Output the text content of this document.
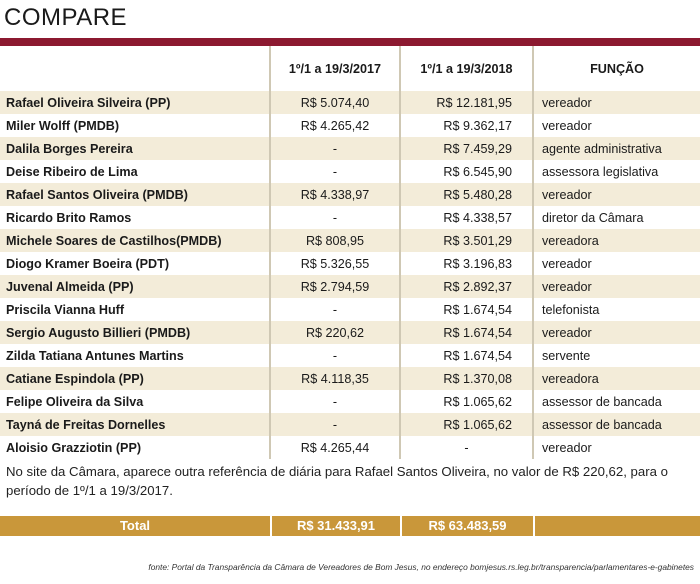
COMPARE
	1º/1 a 19/3/2017	1º/1 a 19/3/2018	FUNÇÃO
Rafael Oliveira Silveira (PP)	R$ 5.074,40	R$ 12.181,95	vereador
Miler Wolff (PMDB)	R$ 4.265,42	R$ 9.362,17	vereador
Dalila Borges Pereira	-	R$ 7.459,29	agente administrativa
Deise Ribeiro de Lima	-	R$ 6.545,90	assessora legislativa
Rafael Santos Oliveira (PMDB)	R$ 4.338,97	R$ 5.480,28	vereador
Ricardo Brito Ramos	-	R$ 4.338,57	diretor da Câmara
Michele Soares de Castilhos(PMDB)	R$ 808,95	R$ 3.501,29	vereadora
Diogo Kramer Boeira (PDT)	R$ 5.326,55	R$ 3.196,83	vereador
Juvenal Almeida (PP)	R$ 2.794,59	R$ 2.892,37	vereador
Priscila Vianna Huff	-	R$ 1.674,54	telefonista
Sergio Augusto Billieri (PMDB)	R$ 220,62	R$ 1.674,54	vereador
Zilda Tatiana Antunes Martins	-	R$ 1.674,54	servente
Catiane Espindola (PP)	R$ 4.118,35	R$ 1.370,08	vereadora
Felipe Oliveira da Silva	-	R$ 1.065,62	assessor de bancada
Tayná de Freitas Dornelles	-	R$ 1.065,62	assessor de bancada
Aloisio Grazziotin (PP)	R$ 4.265,44	-	vereador
No site da Câmara, aparece outra referência de diária para Rafael Santos Oliveira, no valor de R$ 220,62, para o período de 1º/1 a 19/3/2017.
Total	R$ 31.433,91	R$ 63.483,59
fonte: Portal da Transparência da Câmara de Vereadores de Bom Jesus, no endereço bomjesus.rs.leg.br/transparencia/parlamentares-e-gabinetes
